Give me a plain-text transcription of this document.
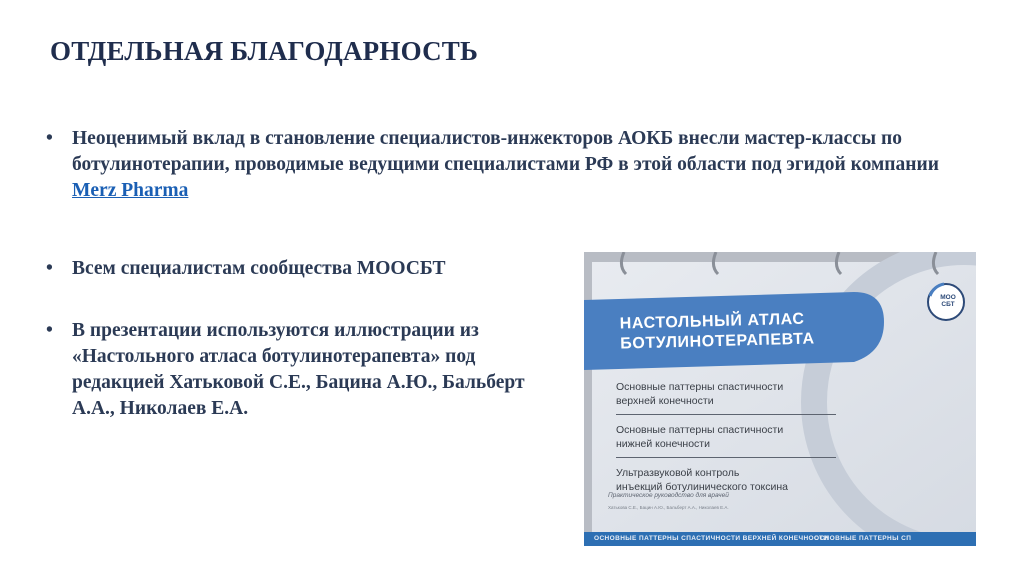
ОТДЕЛЬНАЯ БЛАГОДАРНОСТЬ
• Неоценимый вклад в становление специалистов-инжекторов АОКБ внесли мастер-классы по ботулинотерапии, проводимые ведущими специалистами РФ в этой области под эгидой компании Merz Pharma
• Всем специалистам сообщества МООСБТ
• В презентации используются иллюстрации из «Настольного атласа ботулинотерапевта» под редакцией Хатьковой С.Е., Бацина А.Ю., Бальберт А.А., Николаев Е.А.
НАСТОЛЬНЫЙ АТЛАС
БОТУЛИНОТЕРАПЕВТА
МОО
СБТ
Основные паттерны спастичности
верхней конечности
Основные паттерны спастичности
нижней конечности
Ультразвуковой контроль
инъекций ботулинического токсина
Практическое руководство для врачей
Хатькова С.Е., Бацин А.Ю., Бальберт А.А., Николаев Е.А.
ОСНОВНЫЕ ПАТТЕРНЫ СПАСТИЧНОСТИ ВЕРХНЕЙ КОНЕЧНОСТИ
ОСНОВНЫЕ ПАТТЕРНЫ СП
